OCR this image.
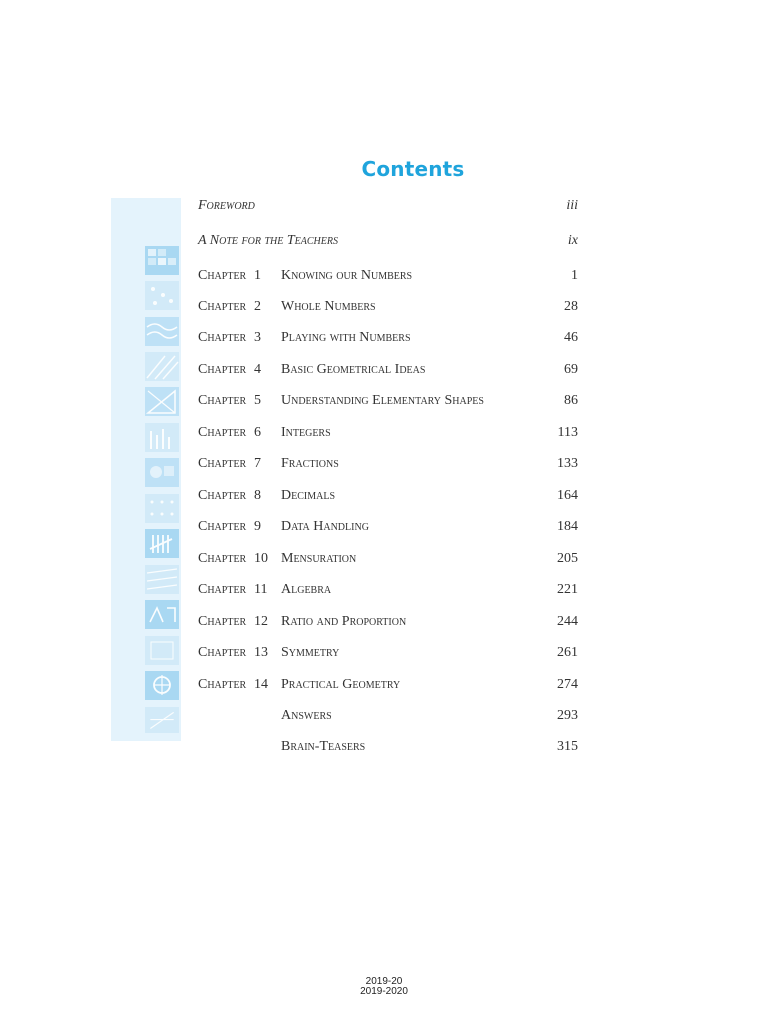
Contents
Foreword	iii
A Note for the Teachers	ix
Chapter 1 Knowing our Numbers	1
Chapter 2 Whole Numbers	28
Chapter 3 Playing with Numbers	46
Chapter 4 Basic Geometrical Ideas	69
Chapter 5 Understanding Elementary Shapes	86
Chapter 6 Integers	113
Chapter 7 Fractions	133
Chapter 8 Decimals	164
Chapter 9 Data Handling	184
Chapter 10 Mensuration	205
Chapter 11 Algebra	221
Chapter 12 Ratio and Proportion	244
Chapter 13 Symmetry	261
Chapter 14 Practical Geometry	274
Answers	293
Brain-Teasers	315
2019-20
2019-2020
